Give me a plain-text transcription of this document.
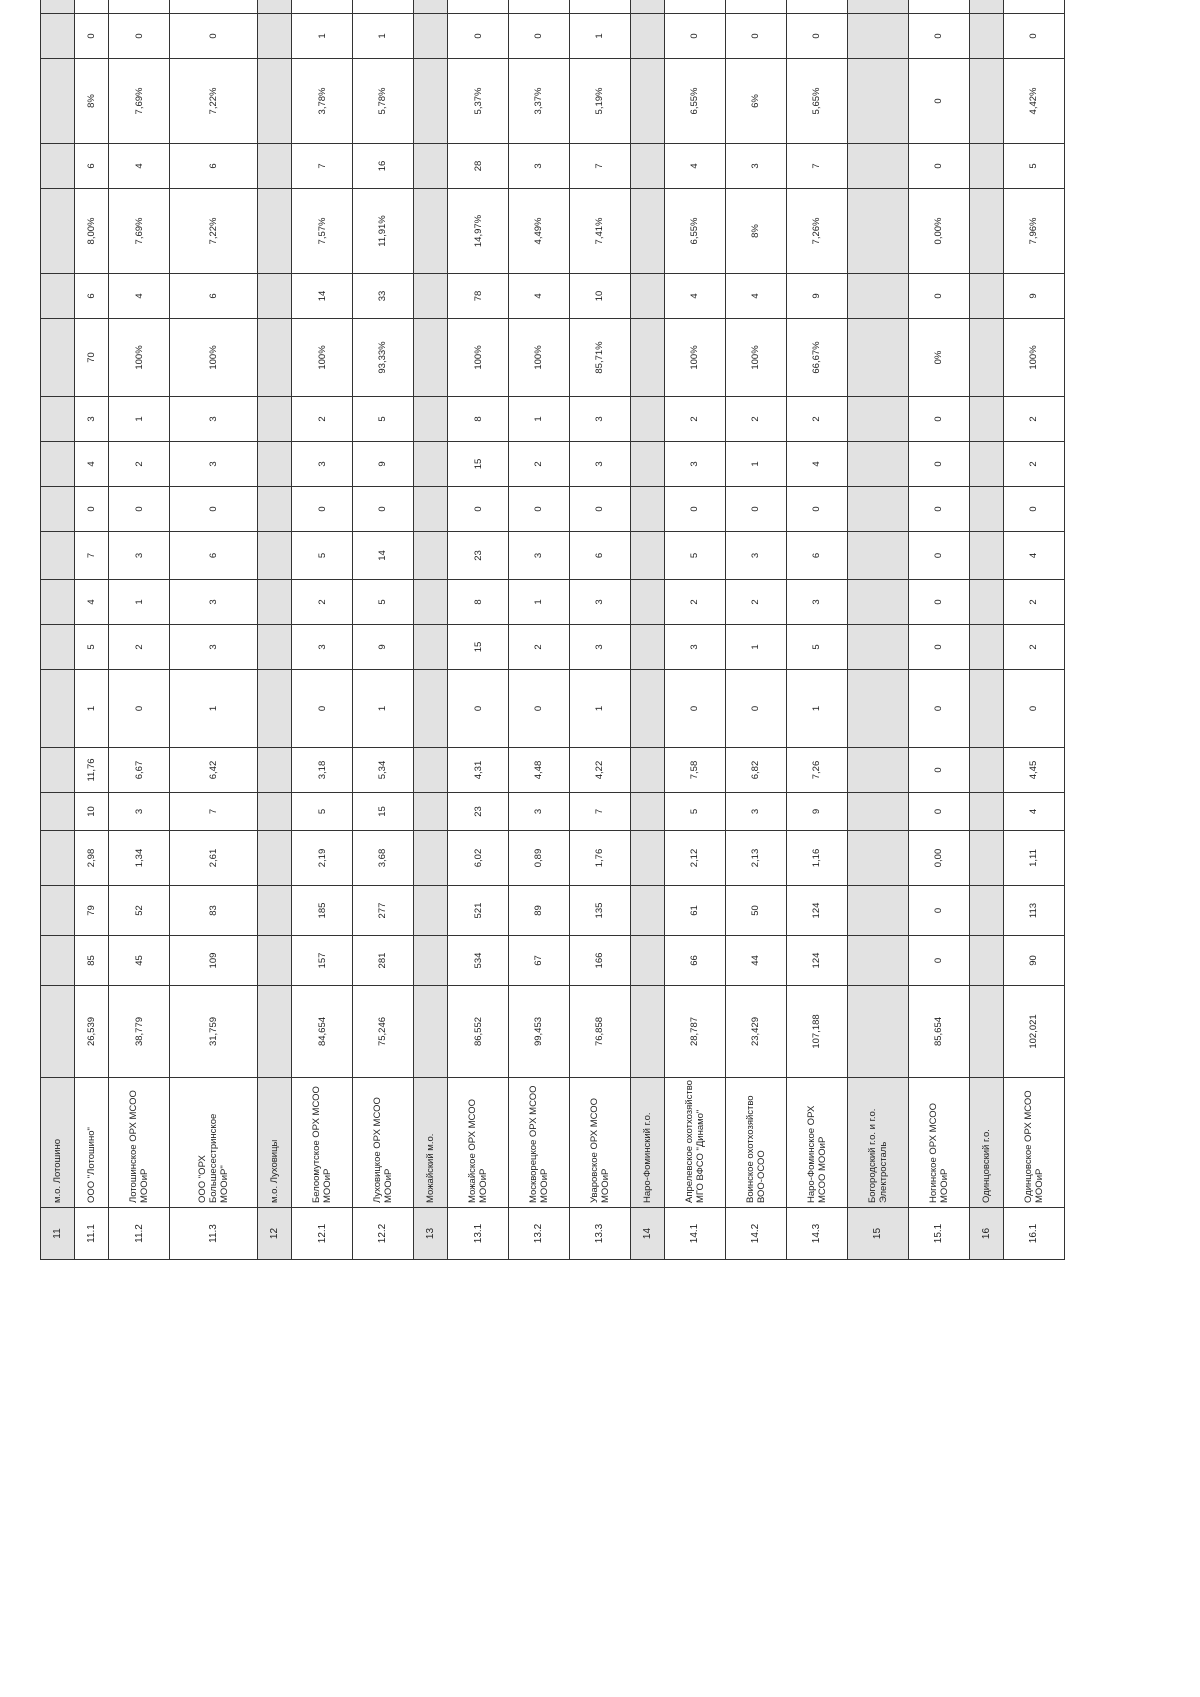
11	м.о. Лотошино																					
11.1	ООО "Лотошино"	26,539	85	79	2,98	10	11,76	1	5	4	7	0	4	3	70	6	8,00%	6	8%	0		
11.2	Лотошинское ОРХ МСОО МООиР	38,779	45	52	1,34	3	6,67	0	2	1	3	0	2	1	100%	4	7,69%	4	7,69%	0		
11.3	ООО "ОРХ Большесестринское МООиР"	31,759	109	83	2,61	7	6,42	1	3	3	6	0	3	3	100%	6	7,22%	6	7,22%	0		
12	м.о. Луховицы																					
12.1	Белоомутское ОРХ МСОО МООиР	84,654	157	185	2,19	5	3,18	0	3	2	5	0	3	2	100%	14	7,57%	7	3,78%	1		
12.2	Луховицкое ОРХ МСОО МООиР	75,246	281	277	3,68	15	5,34	1	9	5	14	0	9	5	93,33%	33	11,91%	16	5,78%	1		
13	Можайский м.о.																					
13.1	Можайское ОРХ МСОО МООиР	86,552	534	521	6,02	23	4,31	0	15	8	23	0	15	8	100%	78	14,97%	28	5,37%	0		
13.2	Москворецкое ОРХ МСОО МООиР	99,453	67	89	0,89	3	4,48	0	2	1	3	0	2	1	100%	4	4,49%	3	3,37%	0		
13.3	Уваровское ОРХ МСОО МООиР	76,858	166	135	1,76	7	4,22	1	3	3	6	0	3	3	85,71%	10	7,41%	7	5,19%	1		
14	Наро-Фоминский г.о.																					
14.1	Апрелевское охотхозяйство МГО ВФСО "Динамо"	28,787	66	61	2,12	5	7,58	0	3	2	5	0	3	2	100%	4	6,55%	4	6,55%	0		
14.2	Воинское охотхозяйство ВОО-ОСОО	23,429	44	50	2,13	3	6,82	0	1	2	3	0	1	2	100%	4	8%	3	6%	0		
14.3	Наро-Фоминское ОРХ МСОО МООиР	107,188	124	124	1,16	9	7,26	1	5	3	6	0	4	2	66,67%	9	7,26%	7	5,65%	0		
15	Богородский г.о. и г.о. Электросталь																					
15.1	Ногинское ОРХ МСОО МООиР	85,654	0	0	0,00	0	0	0	0	0	0	0	0	0	0%	0	0,00%	0	0	0		
16	Одинцовский г.о.																					
16.1	Одинцовское ОРХ МСОО МООиР	102,021	90	113	1,11	4	4,45	0	2	2	4	0	2	2	100%	9	7,96%	5	4,42%	0		
